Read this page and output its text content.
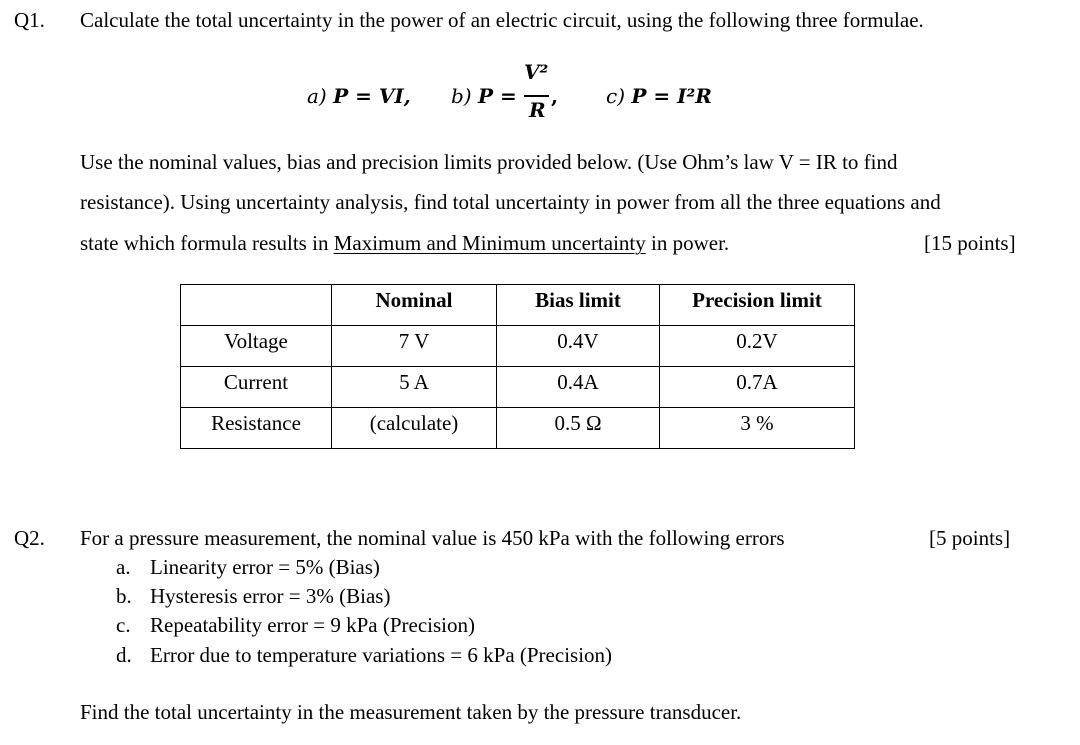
Q1. Calculate the total uncertainty in the power of an electric circuit, using the following three formulae.
a) P = VI, b) P =
V²
R
, c) P = I²R
Use the nominal values, bias and precision limits provided below. (Use Ohm’s law V = IR to find
resistance). Using uncertainty analysis, find total uncertainty in power from all the three equations and
state which formula results in Maximum and Minimum uncertainty in power.	[15 points]
	Nominal	Bias limit	Precision limit
Voltage	7 V	0.4V	0.2V
Current	5 A	0.4A	0.7A
Resistance	(calculate)	0.5 Ω	3 %
Q2. For a pressure measurement, the nominal value is 450 kPa with the following errors	[5 points]
a. Linearity error = 5% (Bias)
b. Hysteresis error = 3% (Bias)
c. Repeatability error = 9 kPa (Precision)
d. Error due to temperature variations = 6 kPa (Precision)
Find the total uncertainty in the measurement taken by the pressure transducer.
